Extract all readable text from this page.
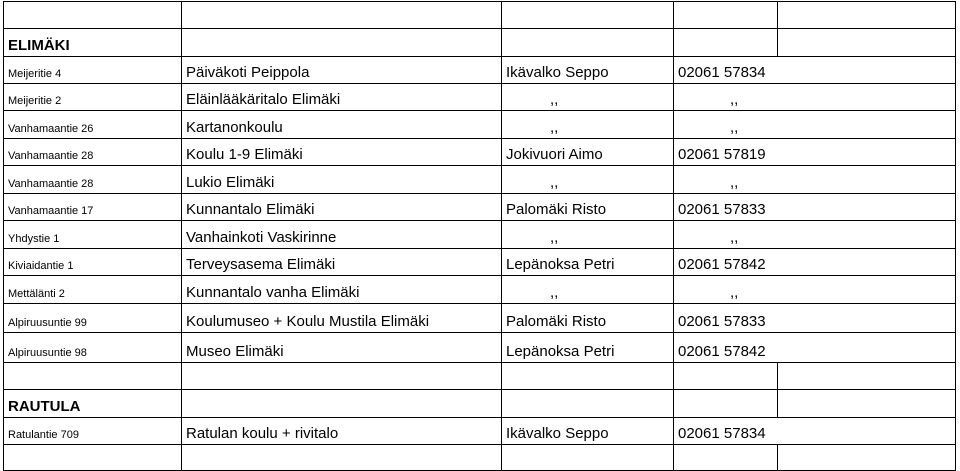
ELIMÄKI				
Meijeritie 4	Päiväkoti Peippola	Ikävalko Seppo	02061 57834	
Meijeritie 2	Eläinlääkäritalo Elimäki	,,	,,	
Vanhamaantie 26	Kartanonkoulu	,,	,,	
Vanhamaantie 28	Koulu 1-9 Elimäki	Jokivuori Aimo	02061 57819	
Vanhamaantie 28	Lukio Elimäki	,,	,,	
Vanhamaantie 17	Kunnantalo Elimäki	Palomäki Risto	02061 57833	
Yhdystie 1	Vanhainkoti Vaskirinne	,,	,,	
Kiviaidantie 1	Terveysasema Elimäki	Lepänoksa Petri	02061 57842	
Mettälänti 2	Kunnantalo vanha Elimäki	,,	,,	
Alpiruusuntie 99	Koulumuseo + Koulu Mustila Elimäki	Palomäki Risto	02061 57833	
Alpiruusuntie 98	Museo Elimäki	Lepänoksa Petri	02061 57842	

RAUTULA				
Ratulantie 709	Ratulan koulu + rivitalo	Ikävalko Seppo	02061 57834	
